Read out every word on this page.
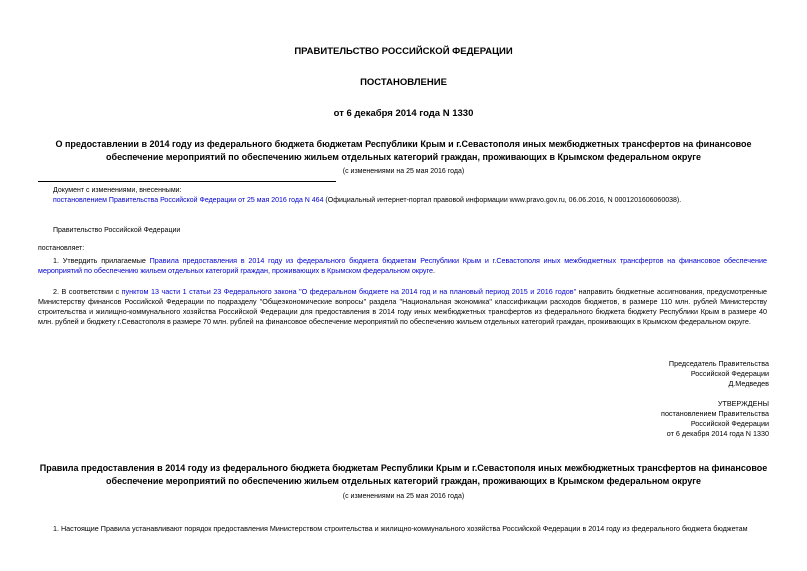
ПРАВИТЕЛЬСТВО РОССИЙСКОЙ ФЕДЕРАЦИИ
ПОСТАНОВЛЕНИЕ
от 6 декабря 2014 года N 1330
О предоставлении в 2014 году из федерального бюджета бюджетам Республики Крым и г.Севастополя иных межбюджетных трансфертов на финансовое
обеспечение мероприятий по обеспечению жильем отдельных категорий граждан, проживающих в Крымском федеральном округе
(с изменениями на 25 мая 2016 года)
Документ с изменениями, внесенными:
постановлением Правительства Российской Федерации от 25 мая 2016 года N 464 (Официальный интернет-портал правовой информации www.pravo.gov.ru, 06.06.2016, N 0001201606060038).
Правительство Российской Федерации
постановляет:
1. Утвердить прилагаемые Правила предоставления в 2014 году из федерального бюджета бюджетам Республики Крым и г.Севастополя иных межбюджетных трансфертов на финансовое обеспечение мероприятий по обеспечению жильем отдельных категорий граждан, проживающих в Крымском федеральном округе.
2. В соответствии с пунктом 13 части 1 статьи 23 Федерального закона "О федеральном бюджете на 2014 год и на плановый период 2015 и 2016 годов" направить бюджетные ассигнования, предусмотренные Министерству финансов Российской Федерации по подразделу "Общеэкономические вопросы" раздела "Национальная экономика" классификации расходов бюджетов, в размере 110 млн. рублей Министерству строительства и жилищно-коммунального хозяйства Российской Федерации для предоставления в 2014 году иных межбюджетных трансфертов из федерального бюджета бюджету Республики Крым в размере 40 млн. рублей и бюджету г.Севастополя в размере 70 млн. рублей на финансовое обеспечение мероприятий по обеспечению жильем отдельных категорий граждан, проживающих в Крымском федеральном округе.
Председатель Правительства
Российской Федерации
Д.Медведев
УТВЕРЖДЕНЫ
постановлением Правительства
Российской Федерации
от 6 декабря 2014 года N 1330
Правила предоставления в 2014 году из федерального бюджета бюджетам Республики Крым и г.Севастополя иных межбюджетных трансфертов на финансовое
обеспечение мероприятий по обеспечению жильем отдельных категорий граждан, проживающих в Крымском федеральном округе
(с изменениями на 25 мая 2016 года)
1. Настоящие Правила устанавливают порядок предоставления Министерством строительства и жилищно-коммунального хозяйства Российской Федерации в 2014 году из федерального бюджета бюджетам
